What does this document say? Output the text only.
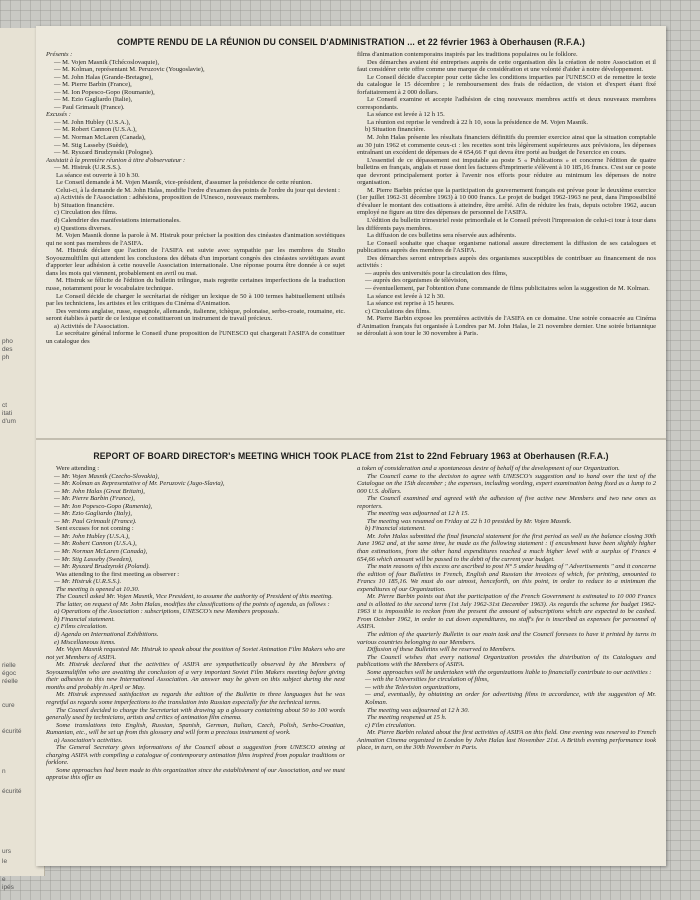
pho
des
ph
ct
itati
d'um
rielle
égoc
réelle
cure
écurité
n
écurité
urs
le
e
ipés
COMPTE RENDU DE LA RÉUNION DU CONSEIL D'ADMINISTRATION ... et 22 février 1963 à Oberhausen (R.F.A.)

Présents :

— M. Vojen Masnik (Tchécoslovaquie),

— M. Kolman, représentant M. Peruzovic (Yougoslavie),

— M. John Halas (Grande-Bretagne),

— M. Pierre Barbin (France),

— M. Ion Popesco-Gopo (Roumanie),

— M. Ezio Gagliardo (Italie),

— Paul Grimault (France).

Excusés :

— M. John Hubley (U.S.A.),

— M. Robert Cannon (U.S.A.),

— M. Norman McLaren (Canada),

— M. Stig Lasseby (Suède),

— M. Ryszard Brudzynski (Pologne).

Assistait à la première réunion à titre d'observateur :

— M. Histruk (U.R.S.S.).

La séance est ouverte à 10 h 30.

Le Conseil demande à M. Vojen Masnik, vice-président, d'assumer la présidence de cette réunion.

Celui-ci, à la demande de M. John Halas, modifie l'ordre d'examen des points de l'ordre du jour qui devient :

a) Activités de l'Association : adhésions, proposition de l'Unesco, nouveaux membres.

b) Situation financière.

c) Circulation des films.

d) Calendrier des manifestations internationales.

e) Questions diverses.

M. Vojen Masnik donne la parole à M. Histruk pour préciser la position des cinéastes d'animation soviétiques qui ne sont pas membres de l'ASIFA.

M. Histruk déclare que l'action de l'ASIFA est suivie avec sympathie par les membres du Studio Soyouzmultfilm qui attendent les conclusions des débats d'un important congrès des cinéastes soviétiques avant d'apporter leur adhésion à cette nouvelle Association internationale. Une réponse pourra être donnée à ce sujet dans les mois qui viennent, probablement en avril ou mai.

M. Histruk se félicite de l'édition du bulletin trilingue, mais regrette certaines imperfections de la traduction russe, notamment pour le vocabulaire technique.

Le Conseil décide de charger le secrétariat de rédiger un lexique de 50 à 100 termes habituellement utilisés par les techniciens, les artistes et les critiques du Cinéma d'Animation.

Des versions anglaise, russe, espagnole, allemande, italienne, tchèque, polonaise, serbo-croate, roumaine, etc. seront établies à partir de ce lexique et constitueront un instrument de travail précieux.

a) Activités de l'Association.

Le secrétaire général informe le Conseil d'une proposition de l'UNESCO qui chargerait l'ASIFA de constituer un catalogue des

films d'animation contemporains inspirés par les traditions populaires ou le folklore.

Des démarches avaient été entreprises auprès de cette organisation dès la création de notre Association et il faut considérer cette offre comme une marque de considération et une volonté d'aider à notre développement.

Le Conseil décide d'accepter pour cette tâche les conditions imparties par l'UNESCO et de remettre le texte du catalogue le 15 décembre ; le remboursement des frais de rédaction, de vision et d'expert étant fixé forfaitairement à 2 000 dollars.

Le Conseil examine et accepte l'adhésion de cinq nouveaux membres actifs et deux nouveaux membres correspondants.

La séance est levée à 12 h 15.

La réunion est reprise le vendredi à 22 h 10, sous la présidence de M. Vojen Masnik.

b) Situation financière.

M. John Halas présente les résultats financiers définitifs du premier exercice ainsi que la situation comptable au 30 juin 1962 et commente ceux-ci : les recettes sont très légèrement supérieures aux prévisions, les dépenses entraînant un excédent de dépenses de 4 654,66 F qui devra être porté au budget de l'exercice en cours.

L'essentiel de ce dépassement est imputable au poste 5 « Publications » et concerne l'édition de quatre bulletins en français, anglais et russe dont les factures d'imprimerie s'élèvent à 10 185,16 francs. C'est sur ce poste que devront principalement porter à l'avenir nos efforts pour réduire au minimum les dépenses de notre organisation.

M. Pierre Barbin précise que la participation du gouvernement français est prévue pour le deuxième exercice (1er juillet 1962-31 décembre 1963) à 10 000 francs. Le projet de budget 1962-1963 ne peut, dans l'impossibilité d'évaluer le montant des cotisations à atteindre, être arrêté. Afin de réduire les frais, depuis octobre 1962, aucun employé ne figure au titre des dépenses de personnel de l'ASIFA.

L'édition du bulletin trimestriel reste primordiale et le Conseil prévoit l'impression de celui-ci tour à tour dans les différents pays membres.

La diffusion de ces bulletins sera réservée aux adhérents.

Le Conseil souhaite que chaque organisme national assure directement la diffusion de ses catalogues et publications auprès des membres de l'ASIFA.

Des démarches seront entreprises auprès des organismes susceptibles de contribuer au financement de nos activités :

— auprès des universités pour la circulation des films,

— auprès des organismes de télévision,

— éventuellement, par l'obtention d'une commande de films publicitaires selon la suggestion de M. Kolman.

La séance est levée à 12 h 30.

La séance est reprise à 15 heures.

c) Circulations des films.

M. Pierre Barbin expose les premières activités de l'ASIFA en ce domaine. Une soirée consacrée au Cinéma d'Animation français fut organisée à Londres par M. John Halas, le 21 novembre dernier. Une soirée britannique se déroulait à son tour le 30 novembre à Paris.

REPORT OF BOARD DIRECTOR's MEETING WHICH TOOK PLACE from 21st to 22nd February 1963 at Oberhausen (R.F.A.)

Were attending :

— Mr. Vojen Masnik (Czecho-Slovakia),

— Mr. Kolman as Representative of Mr. Peruzovic (Jugo-Slavia),

— Mr. John Halas (Great Britain),

— Mr. Pierre Barbin (France),

— Mr. Ion Popesco-Gopo (Rumenia),

— Mr. Ezio Gagliardo (Italy),

— Mr. Paul Grimault (France).

Sent excuses for not coming :

— Mr. John Hubley (U.S.A.),

— Mr. Robert Cannon (U.S.A.),

— Mr. Norman McLaren (Canada),

— Mr. Stig Lasseby (Sweden),

— Mr. Ryszard Brudzynski (Poland).

Was attending to the first meeting as observer :

— Mr. Histruk (U.R.S.S.).

The meeting is opened at 10.30.

The Council asked Mr. Vojen Masnik, Vice President, to assume the authority of President of this meeting.

The latter, on request of Mr. John Halas, modifies the classifications of the points of agenda, as follows :

a) Operations of the Association : subscriptions, UNESCO's new Members proposals.

b) Financial statement.

c) Films circulation.

d) Agenda on International Exhibitions.

e) Miscellaneous items.

Mr. Vojen Masnik requested Mr. Histruk to speak about the position of Soviet Animation Film Makers who are not yet Members of ASIFA.

Mr. Histruk declared that the activities of ASIFA are sympathetically observed by the Members of Soyouzmultfilm who are awaiting the conclusion of a very important Soviet Film Makers meeting before giving their adhesion to this new International Association. An answer may be given on this subject during the next months and probably in April or May.

Mr. Histruk expressed satisfaction as regards the edition of the Bulletin in three languages but he was regretful as regards some imperfections to the translation into Russian especially for the technical terms.

The Council decided to charge the Secretariat with drawing up a glossary containing about 50 to 100 words generally used by technicians, artists and critics of animation film cinema.

Some translations into English, Russian, Spanish, German, Italian, Czech, Polish, Serbo-Croatian, Rumanian, etc., will be set up from this glossary and will form a precious instrument of work.

a) Association's activities.

The General Secretary gives informations of the Council about a suggestion from UNESCO aiming at charging ASIFA with compiling a catalogue of contemporary animation films inspired from popular traditions or forklore.

Some approaches had been made to this organization since the establishment of our Association, and we must appraise this offer as

a token of consideration and a spontaneous desire of behalf of the development of our Organization.

The Council came to the decision to agree with UNESCO's suggestion and to hand over the text of the Catalogue on the 15th december ; the expenses, including wording, expert examination being fixed as a lump to 2 000 U.S. dollars.

The Council examined and agreed with the adhesion of five active new Members and two new ones as reporters.

The meeting was adjourned at 12 h 15.

The meeting was resumed on Friday at 22 h 10 presided by Mr. Vojen Masnik.

b) Financial statement.

Mr. John Halas submitted the final financial statement for the first period as well as the balance closing 30th June 1962 and, at the same time, he made as the following statement : if encashment have been slightly higher than estimations, from the other hand expenditures reached a much higher level with a surplus of Francs 4 654,66 which amount will be passed to the debit of the current year budget.

The main reasons of this excess are ascribed to post N° 5 under heading of " Advertisements " and it concerne the edition of four Bulletins in French, English and Russian the invoices of which, for printing, amounted to Francs 10 185,16. We must do our utmost, henceforth, on this point, in order to reduce to a minimum the expenditures of our Organization.

Mr. Pierre Barbin points out that the participation of the French Government is estimated to 10 000 Francs and is allotted to the second term (1st July 1962-31st December 1963). As regards the scheme for budget 1962-1963 it is impossible to reckon from the present the amount of subscriptions which are expected to be cashed. From October 1962, in order to cut down expenditures, no staff's fee is inscribed as expenses for personnel of ASIFA.

The edition of the quarterly Bulletin is our main task and the Council foresees to have it printed by turns in various countries belonging to our Members.

Diffusion of these Bulletins will be reserved to Members.

The Council wishes that every national Organization provides the distribution of its Catalogues and publications with the Members of ASIFA.

Some approaches will be undertaken with the organizations liable to financially contribute to our activities :

— with the Universities for circulation of films,

— with the Television organizations,

— and, eventually, by obtaining an order for advertising films in accordance, with the suggestion of Mr. Kolman.

The meeting was adjourned at 12 h 30.

The meeting reopened at 15 h.

c) Film circulation.

Mr. Pierre Barbin related about the first activities of ASIFA on this field. One evening was reserved to French Animation Cinema organized in London by John Halas last November 21st. A British evening performance took place, in turn, on the 30th November in Paris.
